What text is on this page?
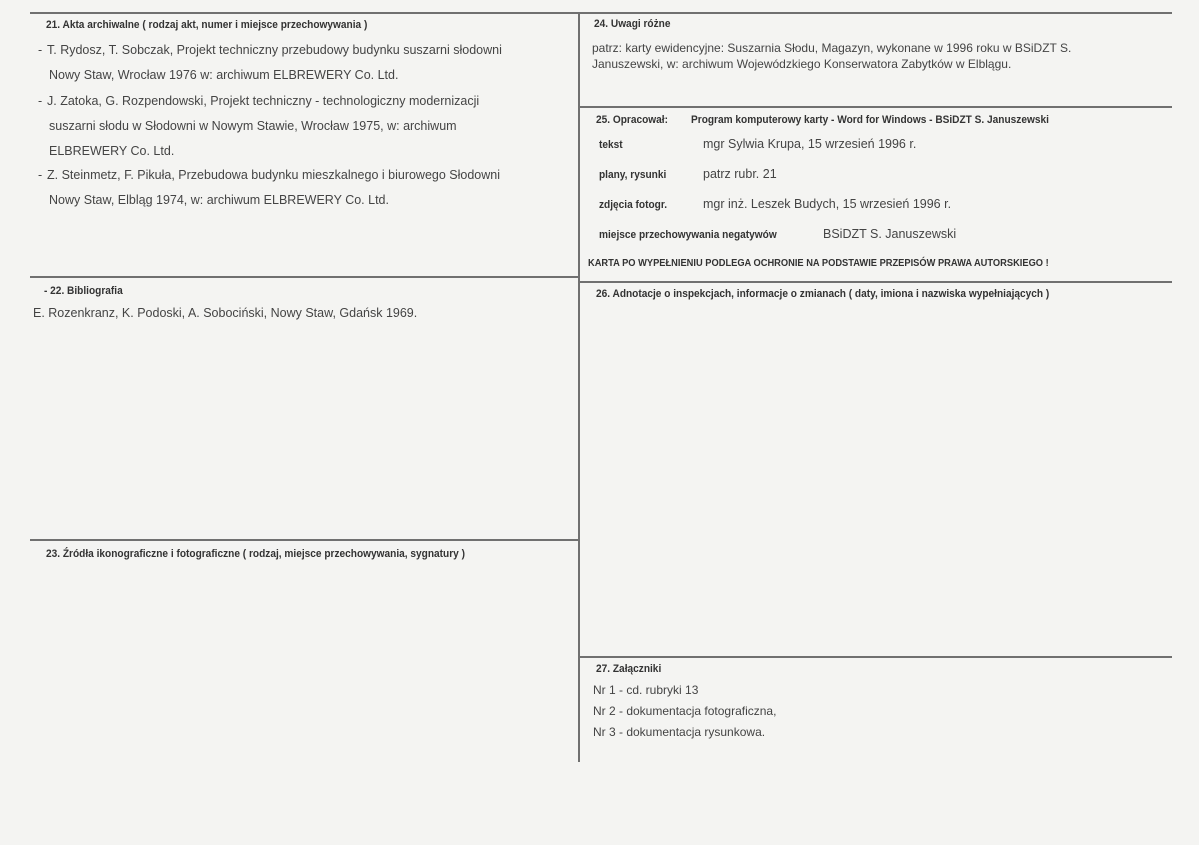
21. Akta archiwalne ( rodzaj akt, numer i miejsce przechowywania )
- T. Rydosz, T. Sobczak, Projekt techniczny przebudowy budynku suszarni słodowni
Nowy Staw, Wrocław 1976 w: archiwum ELBREWERY Co. Ltd.
- J. Zatoka, G. Rozpendowski, Projekt techniczny - technologiczny modernizacji
suszarni słodu w Słodowni w Nowym Stawie, Wrocław 1975, w: archiwum
ELBREWERY Co. Ltd.
- Z. Steinmetz, F. Pikuła, Przebudowa budynku mieszkalnego i biurowego Słodowni
Nowy Staw, Elbląg 1974, w: archiwum ELBREWERY Co. Ltd.
- 22. Bibliografia
E. Rozenkranz, K. Podoski, A. Sobociński, Nowy Staw, Gdańsk 1969.
23. Źródła ikonograficzne i fotograficzne ( rodzaj, miejsce przechowywania, sygnatury )
24. Uwagi różne
patrz: karty ewidencyjne: Suszarnia Słodu, Magazyn, wykonane w 1996 roku w BSiDZT S.
Januszewski, w: archiwum Wojewódzkiego Konserwatora Zabytków w Elblągu.
25. Opracował: Program komputerowy karty - Word for Windows - BSiDZT S. Januszewski
tekst	mgr Sylwia Krupa, 15 wrzesień 1996 r.
plany, rysunki	patrz rubr. 21
zdjęcia fotogr.	mgr inż. Leszek Budych, 15 wrzesień 1996 r.
miejsce przechowywania negatywów	BSiDZT S. Januszewski
KARTA PO WYPEŁNIENIU PODLEGA OCHRONIE NA PODSTAWIE PRZEPISÓW PRAWA AUTORSKIEGO !
26. Adnotacje o inspekcjach, informacje o zmianach ( daty, imiona i nazwiska wypełniających )
27. Załączniki
Nr 1 - cd. rubryki 13
Nr 2 - dokumentacja fotograficzna,
Nr 3 - dokumentacja rysunkowa.
